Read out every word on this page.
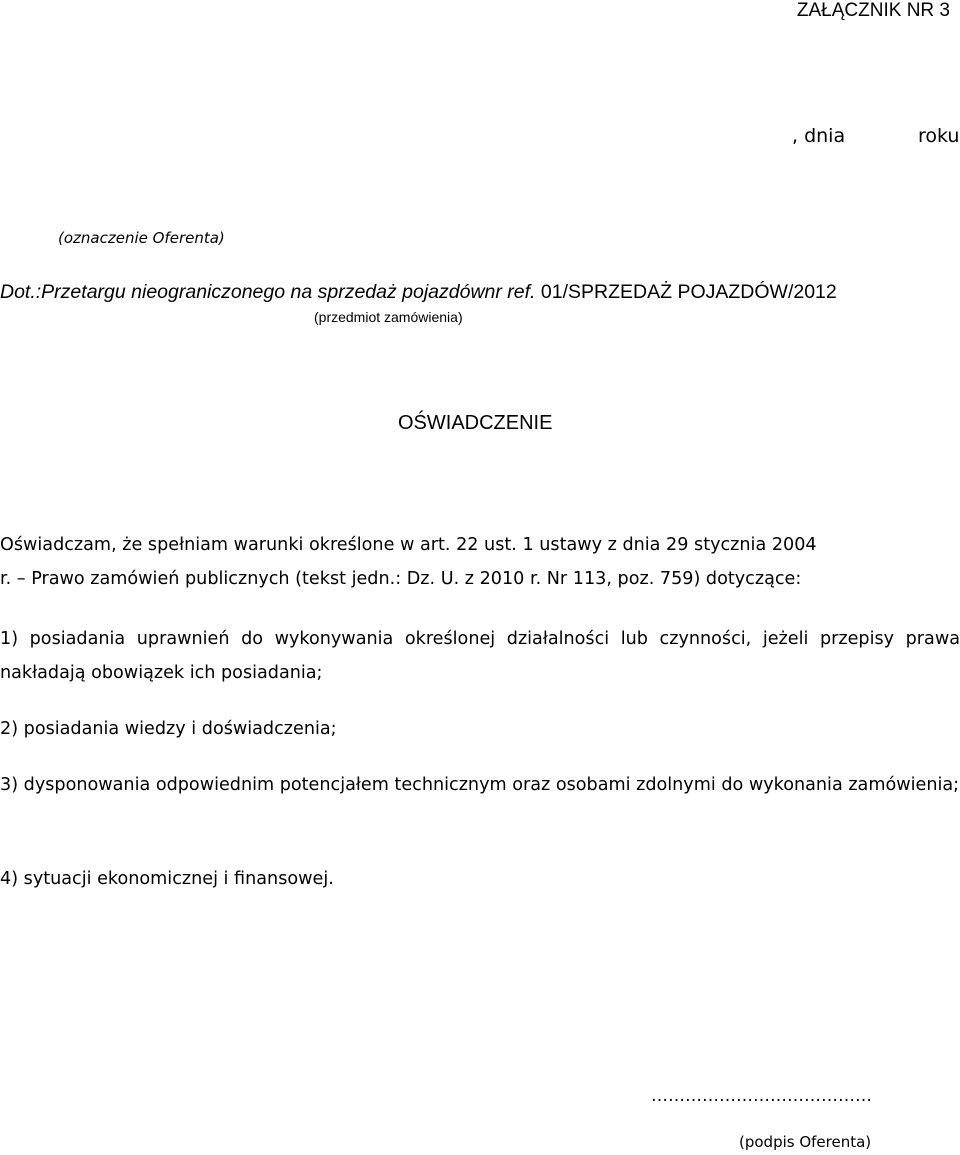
ZAŁĄCZNIK NR 3
, dnia	roku
(oznaczenie Oferenta)
Dot.:Przetargu nieograniczonego na sprzedaż pojazdównr ref. 01/SPRZEDAŻ POJAZDÓW/2012
(przedmiot zamówienia)
OŚWIADCZENIE
Oświadczam, że spełniam warunki określone w art. 22 ust. 1 ustawy z dnia 29 stycznia 2004
r. – Prawo zamówień publicznych (tekst jedn.: Dz. U. z 2010 r. Nr 113, poz. 759) dotyczące:
1) posiadania uprawnień do wykonywania określonej działalności lub czynności, jeżeli przepisy prawa nakładają obowiązek ich posiadania;
2) posiadania wiedzy i doświadczenia;
3) dysponowania odpowiednim potencjałem technicznym oraz osobami zdolnymi do wykonania zamówienia;
4) sytuacji ekonomicznej i finansowej.
…………………………………
(podpis Oferenta)
